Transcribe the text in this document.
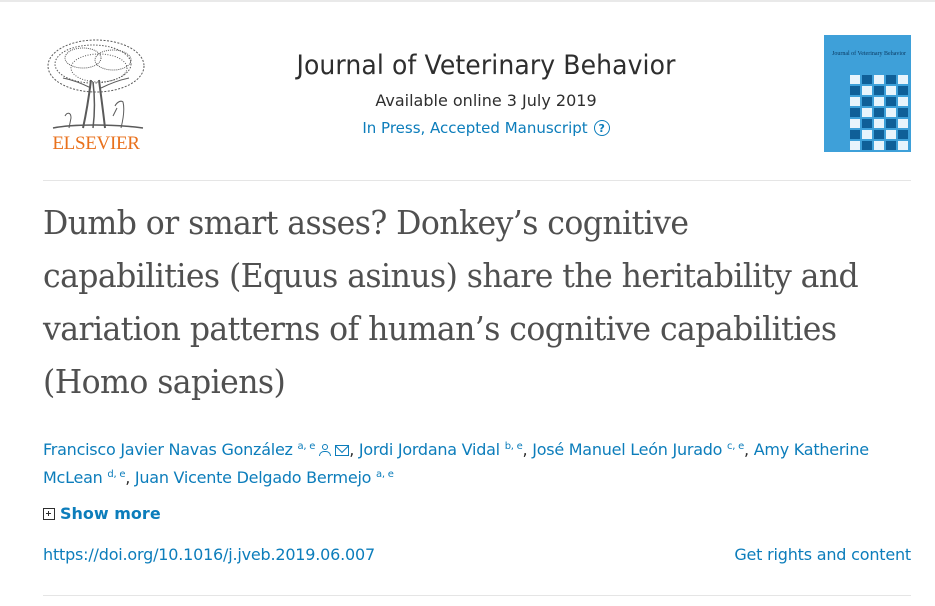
ELSEVIER
Journal of Veterinary Behavior
Available online 3 July 2019
In Press, Accepted Manuscript ?
Journal of Veterinary Behavior
Dumb or smart asses? Donkey’s cognitive capabilities (Equus asinus) share the heritability and variation patterns of human’s cognitive capabilities (Homo sapiens)
Francisco Javier Navas González $^{a, e}$ , Jordi Jordana Vidal $^{b, e}$, José Manuel León Jurado $^{c, e}$, Amy Katherine McLean $^{d, e}$, Juan Vicente Delgado Bermejo $^{a, e}$
Show more
https://doi.org/10.1016/j.jveb.2019.06.007	Get rights and content
